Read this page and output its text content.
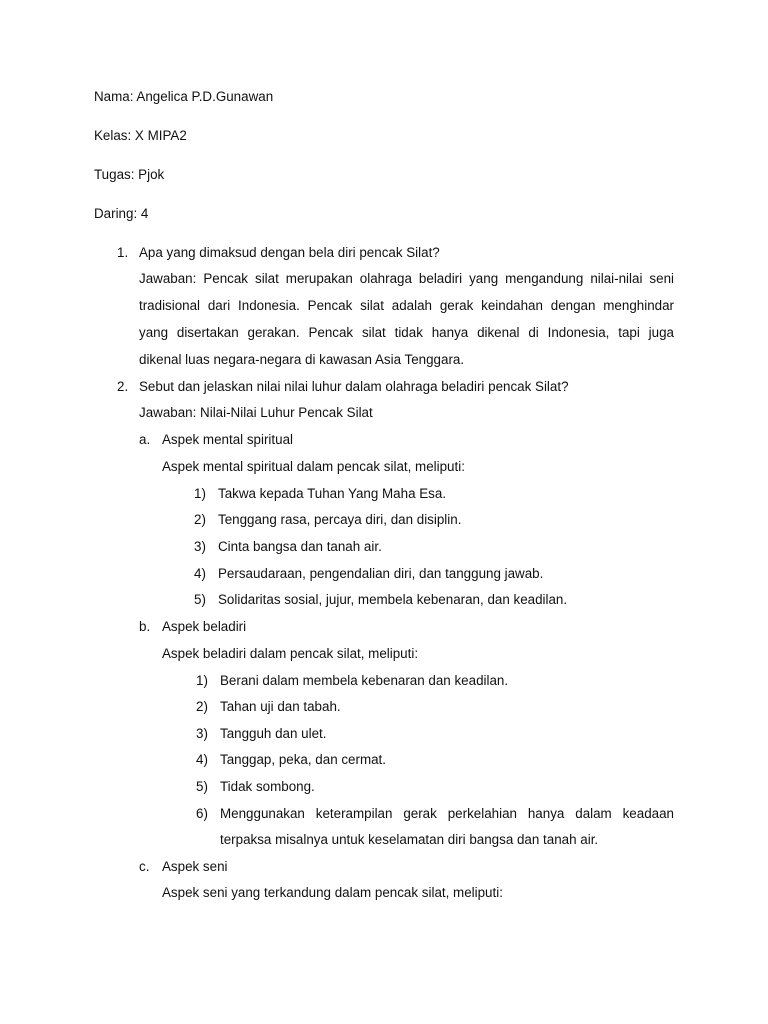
Nama: Angelica P.D.Gunawan
Kelas: X MIPA2
Tugas: Pjok
Daring: 4
1. Apa yang dimaksud dengan bela diri pencak Silat?
Jawaban: Pencak silat merupakan olahraga beladiri yang mengandung nilai-nilai seni
tradisional dari Indonesia. Pencak silat adalah gerak keindahan dengan menghindar
yang disertakan gerakan. Pencak silat tidak hanya dikenal di Indonesia, tapi juga
dikenal luas negara-negara di kawasan Asia Tenggara.
2. Sebut dan jelaskan nilai nilai luhur dalam olahraga beladiri pencak Silat?
Jawaban: Nilai-Nilai Luhur Pencak Silat
a. Aspek mental spiritual
Aspek mental spiritual dalam pencak silat, meliputi:
1) Takwa kepada Tuhan Yang Maha Esa.
2) Tenggang rasa, percaya diri, dan disiplin.
3) Cinta bangsa dan tanah air.
4) Persaudaraan, pengendalian diri, dan tanggung jawab.
5) Solidaritas sosial, jujur, membela kebenaran, dan keadilan.
b. Aspek beladiri
Aspek beladiri dalam pencak silat, meliputi:
1) Berani dalam membela kebenaran dan keadilan.
2) Tahan uji dan tabah.
3) Tangguh dan ulet.
4) Tanggap, peka, dan cermat.
5) Tidak sombong.
6) Menggunakan keterampilan gerak perkelahian hanya dalam keadaan
terpaksa misalnya untuk keselamatan diri bangsa dan tanah air.
c. Aspek seni
Aspek seni yang terkandung dalam pencak silat, meliputi:
